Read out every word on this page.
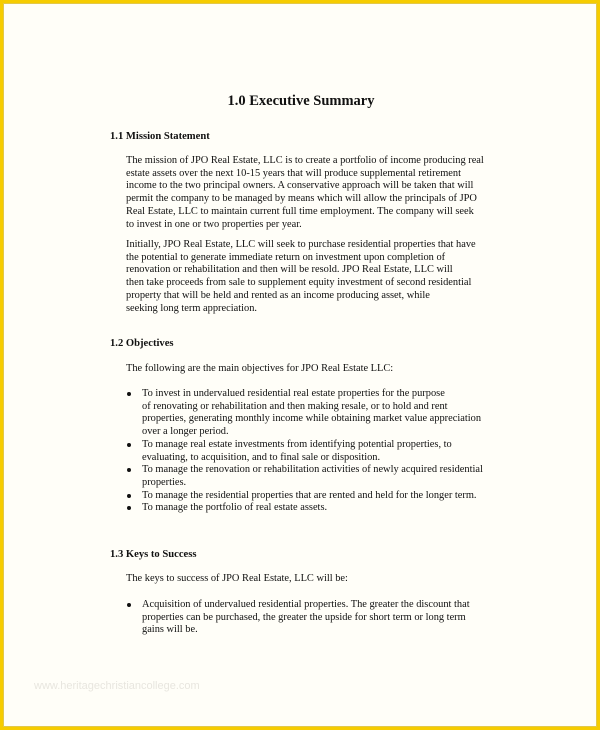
1.0 Executive Summary
1.1 Mission Statement
The mission of JPO Real Estate, LLC is to create a portfolio of income producing real
estate assets over the next 10-15 years that will produce supplemental retirement
income to the two principal owners. A conservative approach will be taken that will
permit the company to be managed by means which will allow the principals of JPO
Real Estate, LLC to maintain current full time employment. The company will seek
to invest in one or two properties per year.
Initially, JPO Real Estate, LLC will seek to purchase residential properties that have
the potential to generate immediate return on investment upon completion of
renovation or rehabilitation and then will be resold. JPO Real Estate, LLC will
then take proceeds from sale to supplement equity investment of second residential
property that will be held and rented as an income producing asset, while
seeking long term appreciation.
1.2 Objectives
The following are the main objectives for JPO Real Estate LLC:
To invest in undervalued residential real estate properties for the purpose
of renovating or rehabilitation and then making resale, or to hold and rent
properties, generating monthly income while obtaining market value appreciation
over a longer period.
To manage real estate investments from identifying potential properties, to
evaluating, to acquisition, and to final sale or disposition.
To manage the renovation or rehabilitation activities of newly acquired residential
properties.
To manage the residential properties that are rented and held for the longer term.
To manage the portfolio of real estate assets.
1.3 Keys to Success
The keys to success of JPO Real Estate, LLC will be:
Acquisition of undervalued residential properties. The greater the discount that
properties can be purchased, the greater the upside for short term or long term
gains will be.
www.heritagechristiancollege.com
